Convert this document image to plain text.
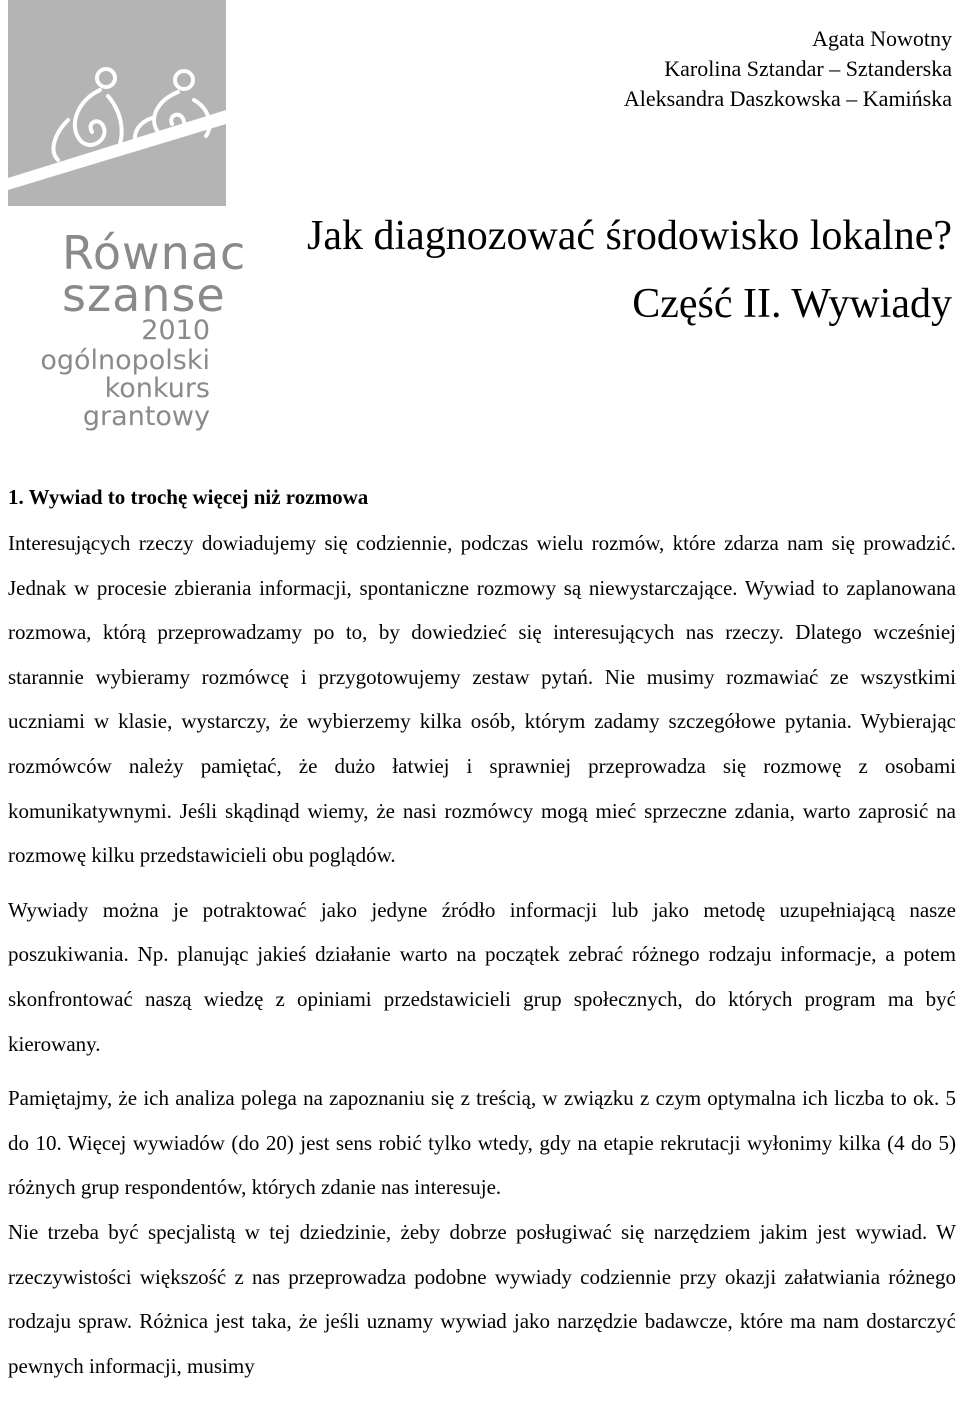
Równac
szanse
2010
ogólnopolski
konkurs
grantowy
Agata Nowotny
Karolina Sztandar – Sztanderska
Aleksandra Daszkowska – Kamińska
Jak diagnozować środowisko lokalne?
Część II. Wywiady
1. Wywiad to trochę więcej niż rozmowa

Interesujących rzeczy dowiadujemy się codziennie, podczas wielu rozmów, które zdarza nam się prowadzić. Jednak w procesie zbierania informacji, spontaniczne rozmowy są niewystarczające. Wywiad to zaplanowana rozmowa, którą przeprowadzamy po to, by dowiedzieć się interesujących nas rzeczy. Dlatego wcześniej starannie wybieramy rozmówcę i przygotowujemy zestaw pytań. Nie musimy rozmawiać ze wszystkimi uczniami w klasie, wystarczy, że wybierzemy kilka osób, którym zadamy szczegółowe pytania. Wybierając rozmówców należy pamiętać, że dużo łatwiej i sprawniej przeprowadza się rozmowę z osobami komunikatywnymi. Jeśli skądinąd wiemy, że nasi rozmówcy mogą mieć sprzeczne zdania, warto zaprosić na rozmowę kilku przedstawicieli obu poglądów.

Wywiady można je potraktować jako jedyne źródło informacji lub jako metodę uzupełniającą nasze poszukiwania. Np. planując jakieś działanie warto na początek zebrać różnego rodzaju informacje, a potem skonfrontować naszą wiedzę z opiniami przedstawicieli grup społecznych, do których program ma być kierowany.

Pamiętajmy, że ich analiza polega na zapoznaniu się z treścią, w związku z czym optymalna ich liczba to ok. 5 do 10. Więcej wywiadów (do 20) jest sens robić tylko wtedy, gdy na etapie rekrutacji wyłonimy kilka (4 do 5) różnych grup respondentów, których zdanie nas interesuje.

Nie trzeba być specjalistą w tej dziedzinie, żeby dobrze posługiwać się narzędziem jakim jest wywiad. W rzeczywistości większość z nas przeprowadza podobne wywiady codziennie przy okazji załatwiania różnego rodzaju spraw. Różnica jest taka, że jeśli uznamy wywiad jako narzędzie badawcze, które ma nam dostarczyć pewnych informacji, musimy
